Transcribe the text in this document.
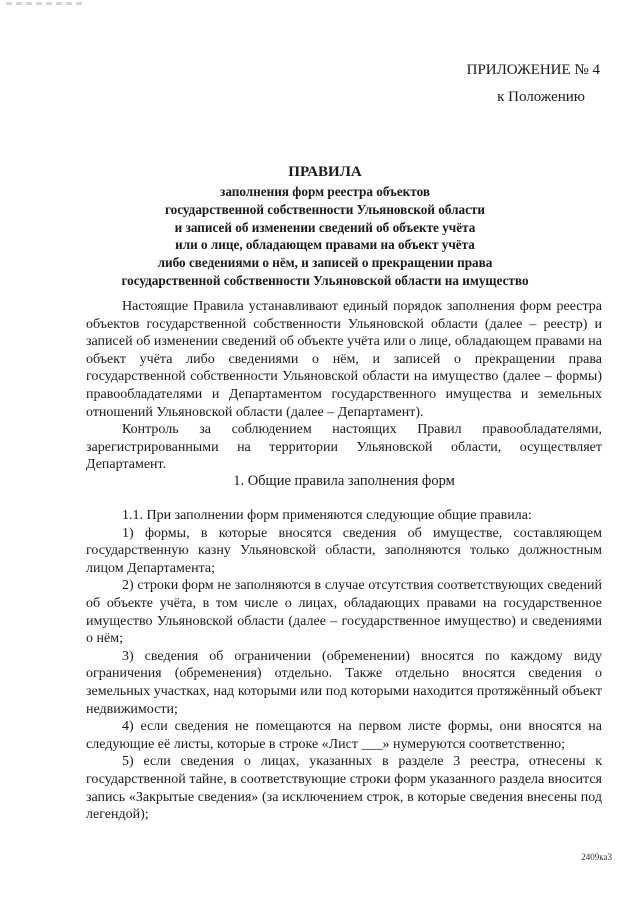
ПРИЛОЖЕНИЕ № 4
к Положению
ПРАВИЛА
заполнения форм реестра объектов
государственной собственности Ульяновской области
и записей об изменении сведений об объекте учёта
или о лице, обладающем правами на объект учёта
либо сведениями о нём, и записей о прекращении права
государственной собственности Ульяновской области на имущество

Настоящие Правила устанавливают единый порядок заполнения форм реестра объектов государственной собственности Ульяновской области (далее – реестр) и записей об изменении сведений об объекте учёта или о лице, обладающем правами на объект учёта либо сведениями о нём, и записей о прекращении права государственной собственности Ульяновской области на имущество (далее – формы) правообладателями и Департаментом государственного имущества и земельных отношений Ульяновской области (далее – Департамент).

Контроль за соблюдением настоящих Правил правообладателями, зарегистрированными на территории Ульяновской области, осуществляет Департамент.

1. Общие правила заполнения форм

1.1. При заполнении форм применяются следующие общие правила:

1) формы, в которые вносятся сведения об имуществе, составляющем государственную казну Ульяновской области, заполняются только должностным лицом Департамента;

2) строки форм не заполняются в случае отсутствия соответствующих сведений об объекте учёта, в том числе о лицах, обладающих правами на государственное имущество Ульяновской области (далее – государственное имущество) и сведениями о нём;

3) сведения об ограничении (обременении) вносятся по каждому виду ограничения (обременения) отдельно. Также отдельно вносятся сведения о земельных участках, над которыми или под которыми находится протяжённый объект недвижимости;

4) если сведения не помещаются на первом листе формы, они вносятся на следующие её листы, которые в строке «Лист ___» нумеруются соответственно;

5) если сведения о лицах, указанных в разделе 3 реестра, отнесены к государственной тайне, в соответствующие строки форм указанного раздела вносится запись «Закрытые сведения» (за исключением строк, в которые сведения внесены под легендой);

2409ка3
